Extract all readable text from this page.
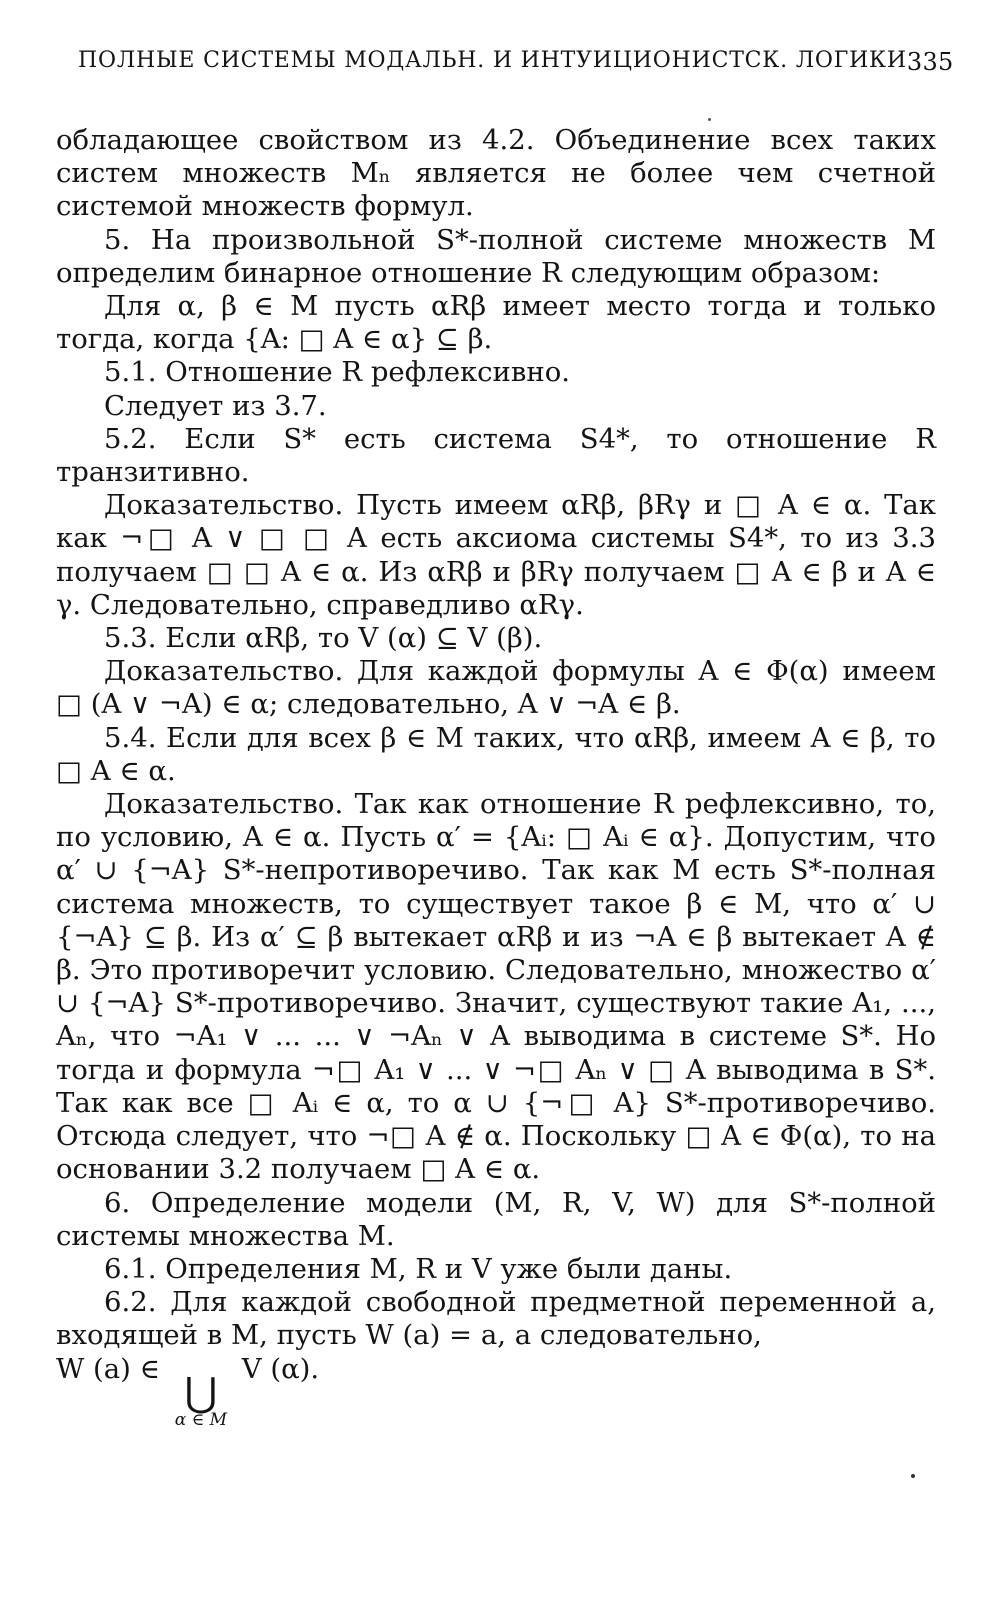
ПОЛНЫЕ СИСТЕМЫ МОДАЛЬН. И ИНТУИЦИОНИСТСК. ЛОГИКИ 335

обладающее свойством из 4.2. Объединение всех таких систем множеств Mₙ является не более чем счетной системой множеств формул.

5. На произвольной S*-полной системе множеств M определим бинарное отношение R следующим образом:

Для α, β ∈ M пусть αRβ имеет место тогда и только тогда, когда {A: □ A ∈ α} ⊆ β.

5.1. Отношение R рефлексивно.

Следует из 3.7.

5.2. Если S* есть система S4*, то отношение R транзитивно.

Доказательство. Пусть имеем αRβ, βRγ и □ A ∈ α. Так как ¬□ A ∨ □ □ A есть аксиома системы S4*, то из 3.3 получаем □ □ A ∈ α. Из αRβ и βRγ получаем □ A ∈ β и A ∈ γ. Следовательно, справедливо αRγ.

5.3. Если αRβ, то V (α) ⊆ V (β).

Доказательство. Для каждой формулы A ∈ Φ(α) имеем □ (A ∨ ¬A) ∈ α; следовательно, A ∨ ¬A ∈ β.

5.4. Если для всех β ∈ M таких, что αRβ, имеем A ∈ β, то □ A ∈ α.

Доказательство. Так как отношение R рефлексивно, то, по условию, A ∈ α. Пусть α′ = {Aᵢ: □ Aᵢ ∈ α}. Допустим, что α′ ∪ {¬A} S*-непротиворечиво. Так как M есть S*-полная система множеств, то существует такое β ∈ M, что α′ ∪ {¬A} ⊆ β. Из α′ ⊆ β вытекает αRβ и из ¬A ∈ β вытекает A ∉ β. Это противоречит условию. Следовательно, множество α′ ∪ {¬A} S*-противоречиво. Значит, существуют такие A₁, ..., Aₙ, что ¬A₁ ∨ ... ... ∨ ¬Aₙ ∨ A выводима в системе S*. Но тогда и формула ¬□ A₁ ∨ ... ∨ ¬□ Aₙ ∨ □ A выводима в S*. Так как все □ Aᵢ ∈ α, то α ∪ {¬□ A} S*-противоречиво. Отсюда следует, что ¬□ A ∉ α. Поскольку □ A ∈ Φ(α), то на основании 3.2 получаем □ A ∈ α.

6. Определение модели (M, R, V, W) для S*-полной системы множества M.

6.1. Определения M, R и V уже были даны.

6.2. Для каждой свободной предметной переменной a, входящей в M, пусть W (a) = a, а следовательно,

W (a) ∈
⋃
α ∈ M
V (α).
